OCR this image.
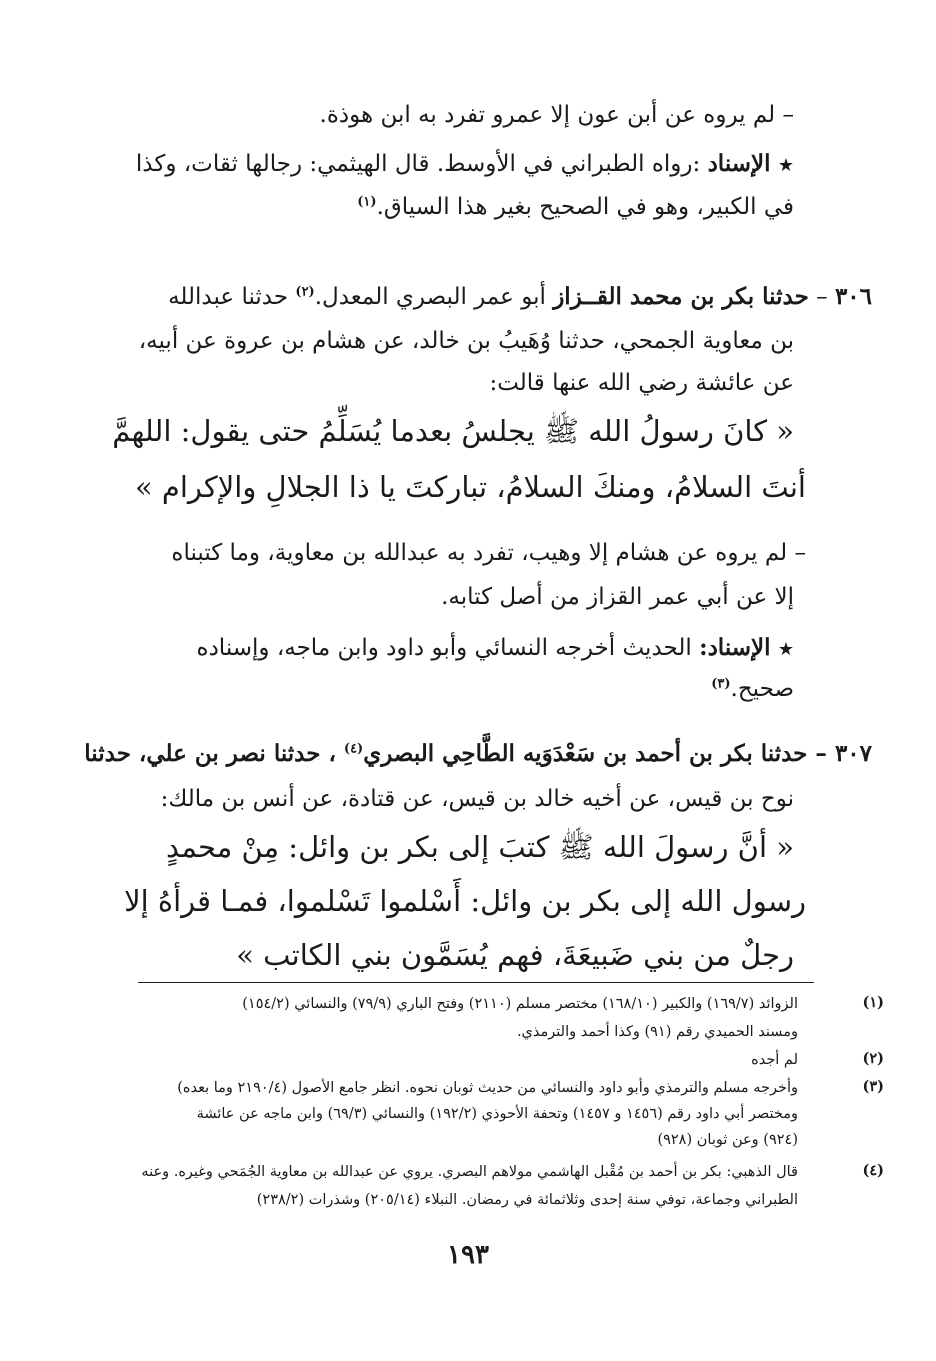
– لم يروه عن أبن عون إلا عمرو تفرد به ابن هوذة.
★ الإسناد :رواه الطبراني في الأوسط. قال الهيثمي: رجالها ثقات، وكذا
في الكبير، وهو في الصحيح بغير هذا السياق.$^{(١)}$
٣٠٦ – حدثنا بكر بن محمد القــزاز أبو عمر البصري المعدل.$^{(٢)}$ حدثنا عبدالله
بن معاوية الجمحي، حدثنا وُهَيبُ بن خالد، عن هشام بن عروة عن أبيه،
عن عائشة رضي الله عنها قالت:
« كانَ رسولُ الله ﷺ يجلسُ بعدما يُسَلِّمُ حتى يقول: اللهمَّ
أنتَ السلامُ، ومنكَ السلامُ، تباركتَ يا ذا الجلالِ والإكرام »
– لم يروه عن هشام إلا وهيب، تفرد به عبدالله بن معاوية، وما كتبناه
إلا عن أبي عمر القزاز من أصل كتابه.
★ الإسناد: الحديث أخرجه النسائي وأبو داود وابن ماجه، وإسناده
صحيح.$^{(٣)}$
٣٠٧ – حدثنا بكر بن أحمد بن سَعْدَوَيه الطَّاحِي البصري$^{(٤)}$ ، حدثنا نصر بن علي، حدثنا
نوح بن قيس، عن أخيه خالد بن قيس، عن قتادة، عن أنس بن مالك:
« أنَّ رسولَ الله ﷺ كتبَ إلى بكر بن وائل: مِنْ محمدٍ
رسول الله إلى بكر بن وائل: أَسْلموا تَسْلموا، فمـا قرأهُ إلا
رجلٌ من بني ضَبيعَةَ، فهم يُسَمَّون بني الكاتب »
(١)
الزوائد (١٦٩/٧) والكبير (١٦٨/١٠) مختصر مسلم (٢١١٠) وفتح الباري (٧٩/٩) والنسائي (١٥٤/٢)
ومسند الحميدي رقم (٩١) وكذا أحمد والترمذي.
(٢)
لم أجده
(٣)
وأخرجه مسلم والترمذي وأبو داود والنسائي من حديث ثوبان نحوه. انظر جامع الأصول (٢١٩٠/٤ وما بعده)
ومختصر أبي داود رقم (١٤٥٦ و ١٤٥٧) وتحفة الأحوذي (١٩٢/٢) والنسائي (٦٩/٣) وابن ماجه عن عائشة
(٩٢٤) وعن ثوبان (٩٢٨)
(٤)
قال الذهبي: بكر بن أحمد بن مُقْبل الهاشمي مولاهم البصري. يروي عن عبدالله بن معاوية الجُمَحي وغيره. وعنه
الطبراني وجماعة، توفي سنة إحدى وثلاثمائة في رمضان. النبلاء (٢٠٥/١٤) وشذرات (٢٣٨/٢)
١٩٣
